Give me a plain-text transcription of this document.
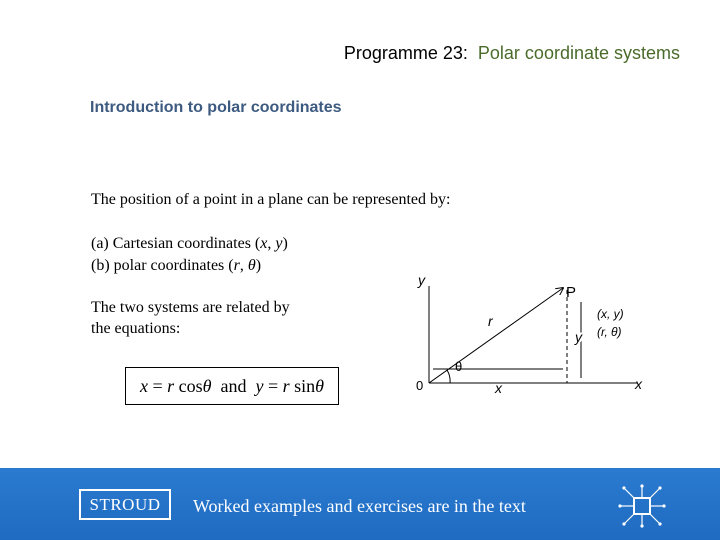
Programme 23: Polar coordinate systems
Introduction to polar coordinates
The position of a point in a plane can be represented by:
(a) Cartesian coordinates (x, y)
(b) polar coordinates (r, θ)
The two systems are related by
the equations:
x = r
cos θ and y = r
sin θ
y
x
0
P
r
θ
y
x
(x, y)
(r, θ)
STROUD	Worked examples and exercises are in the text
